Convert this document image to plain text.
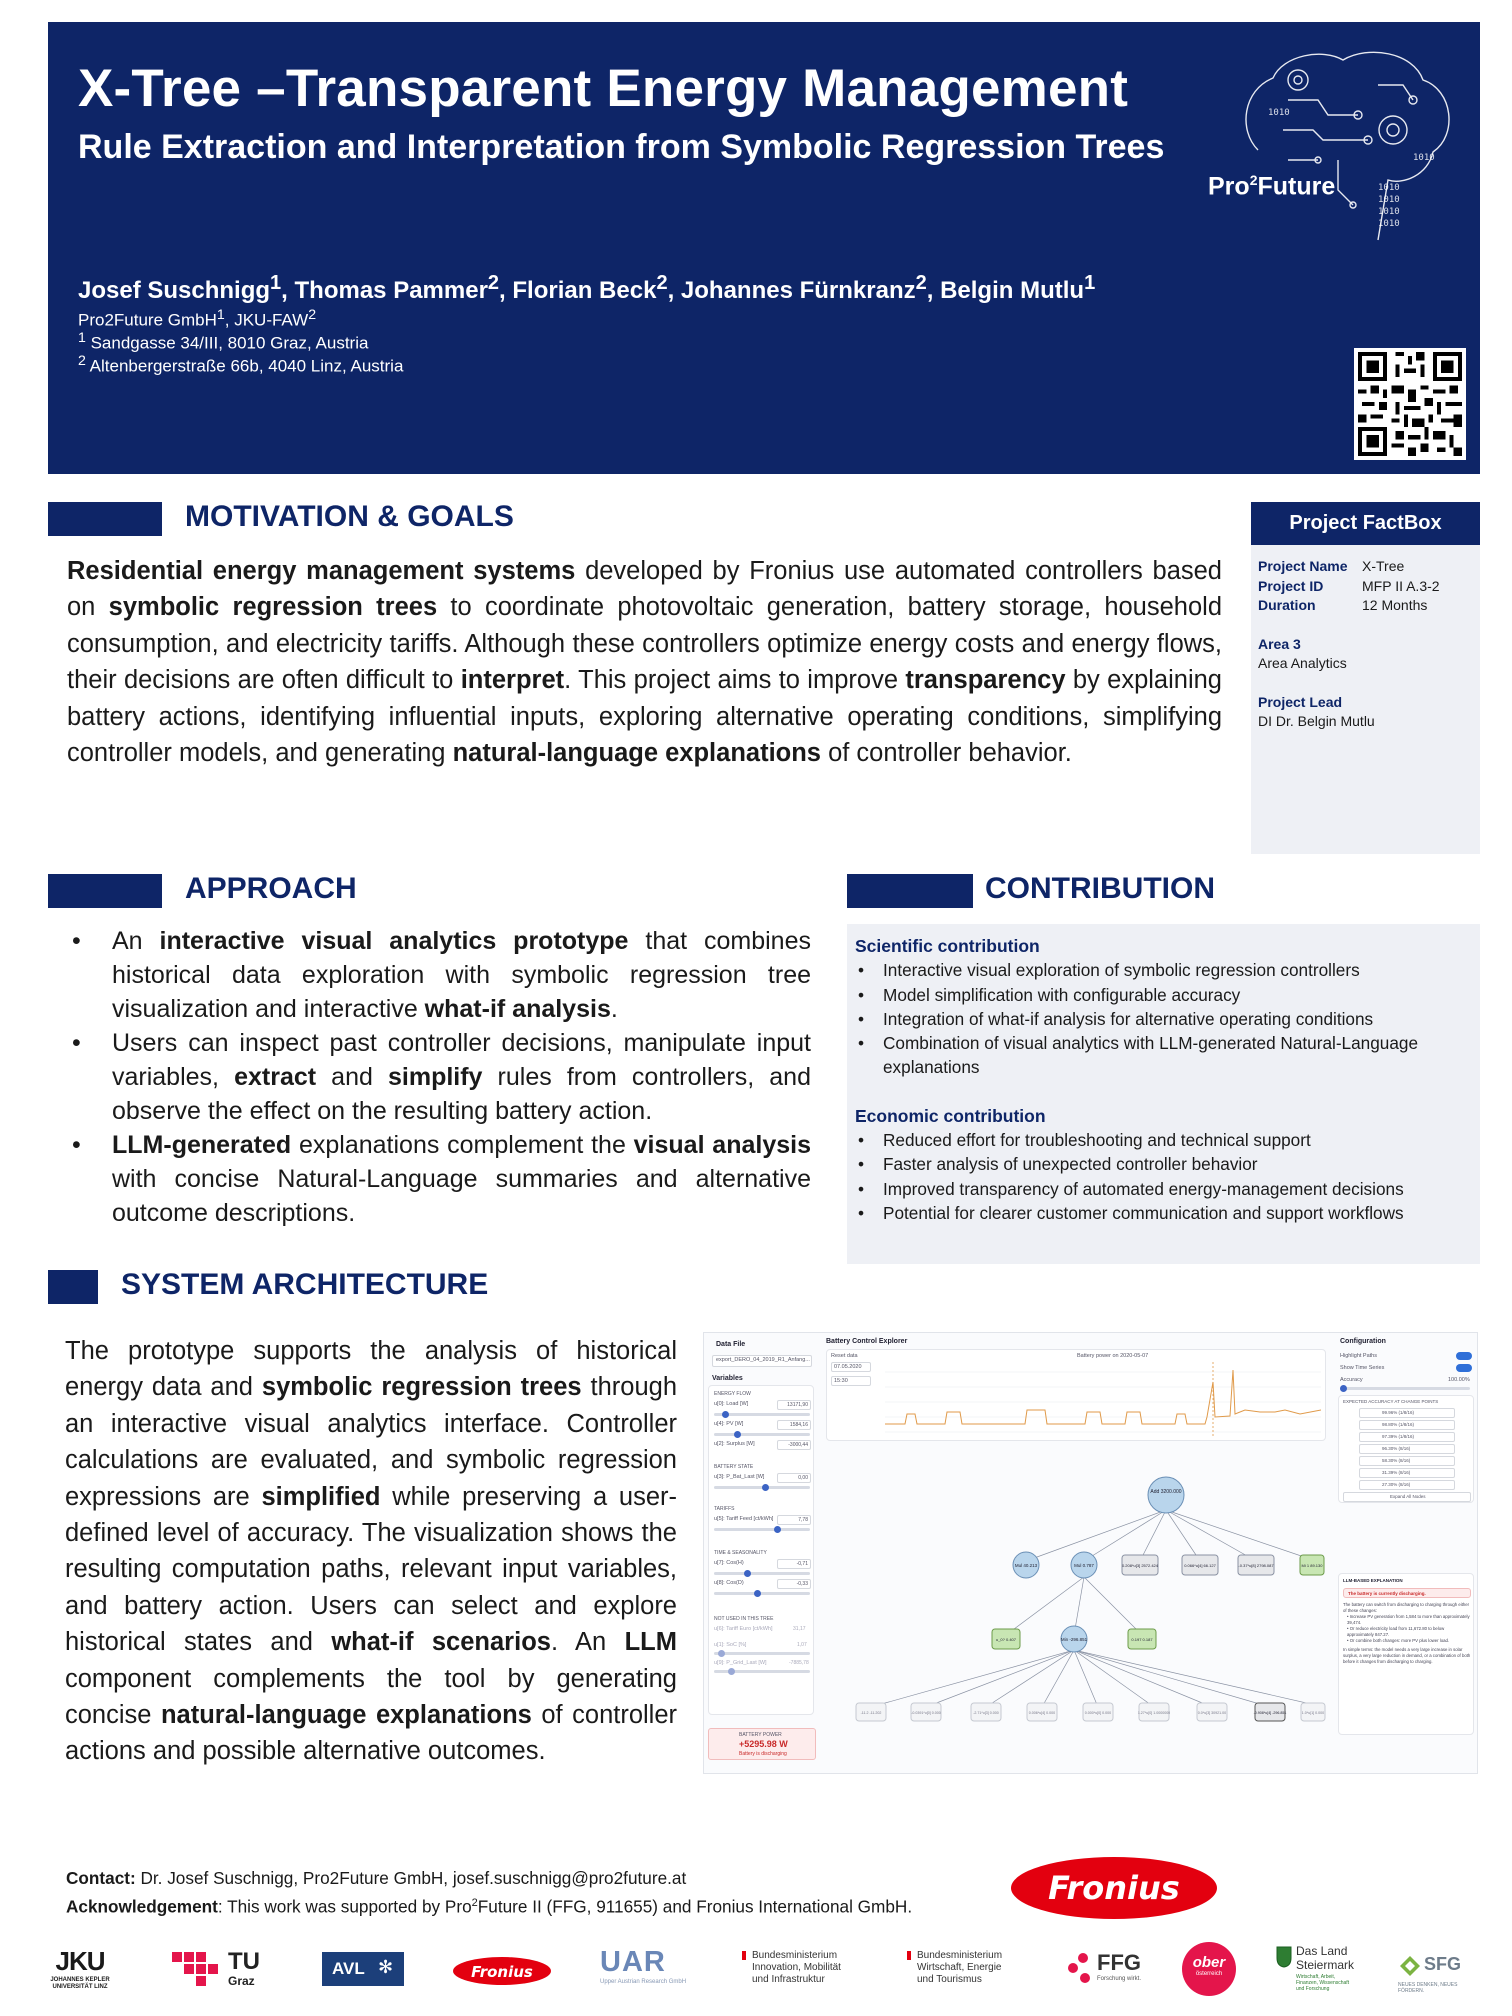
X-Tree –Transparent Energy Management
Rule Extraction and Interpretation from Symbolic Regression Trees
Josef Suschnigg$^1$, Thomas Pammer$^2$, Florian Beck$^2$, Johannes Fürnkranz$^2$, Belgin Mutlu$^1$
Pro2Future GmbH$^1$, JKU-FAW$^2$
$^1$ Sandgasse 34/III, 8010 Graz, Austria
$^2$ Altenbergerstraße 66b, 4040 Linz, Austria
1010
1010
1010
1010
1010
1010
Pro$^2$Future
MOTIVATION & GOALS

Residential energy management systems developed by Fronius use automated controllers based on symbolic regression trees to coordinate photovoltaic generation, battery storage, household consumption, and electricity tariffs. Although these controllers optimize energy costs and energy flows, their decisions are often difficult to interpret. This project aims to improve transparency by explaining battery actions, identifying influential inputs, exploring alternative operating conditions, simplifying controller models, and generating natural-language explanations of controller behavior.

Project FactBox
Project Name	X-Tree
Project ID	MFP II A.3-2
Duration	12 Months
Area 3
Area Analytics
Project Lead
DI Dr. Belgin Mutlu
APPROACH
• An interactive visual analytics prototype that combines historical data exploration with symbolic regression tree visualization and interactive what-if analysis.
• Users can inspect past controller decisions, manipulate input variables, extract and simplify rules from controllers, and observe the effect on the resulting battery action.
• LLM-generated explanations complement the visual analysis with concise Natural-Language summaries and alternative outcome descriptions.
CONTRIBUTION
Scientific contribution
• Interactive visual exploration of symbolic regression controllers
• Model simplification with configurable accuracy
• Integration of what-if analysis for alternative operating conditions
• Combination of visual analytics with LLM-generated Natural-Language explanations
Economic contribution
• Reduced effort for troubleshooting and technical support
• Faster analysis of unexpected controller behavior
• Improved transparency of automated energy-management decisions
• Potential for clearer customer communication and support workflows
SYSTEM ARCHITECTURE

The prototype supports the analysis of historical energy data and symbolic regression trees through an interactive visual analytics interface. Controller calculations are evaluated, and symbolic regression expressions are simplified while preserving a user-defined level of accuracy. The visualization shows the resulting computation paths, relevant input variables, and battery action. Users can select and explore historical states and what-if scenarios. An LLM component complements the tool by generating concise natural-language explanations of controller actions and possible alternative outcomes.

Data File
export_DERO_04_2019_R1_Anfang...
Variables
ENERGY FLOW
u[0]: Load [W]	13171,90
u[4]: PV [W]	1584,16
u[2]: Surplus [W]	-3000,44
BATTERY STATE
u[3]: P_Bat_Last [W]	0,00
TARIFFS
u[5]: Tariff Feed [ct/kWh]	7,78
TIME & SEASONALITY
u[7]: Cos(H)	-0,71
u[8]: Cos(D)	-0,33
NOT USED IN THIS TREE
u[6]: Tariff Euro [ct/kWh]	31,17
u[1]: SoC [%]	1,07
u[9]: P_Grid_Last [W]	-7885,78
BATTERY POWER
+5295.98 W
Battery is discharging
Battery Control Explorer
Reset data
07.05.2020
15:30
Battery power on 2020-05-07
Add 3200.000
Mul 40.213	Mul 0.787	0.208*u[3] 2572.424	0.066*u[4] 66.127	-0.37*u[8] 2798.087	Mi 1 89.130
u_0? 0.407	Min -296.851	0.197 0.187
-11.2 -11.202	-0.0391*u[0] 0.000	-2.71*u[3] 0.000	0.006*u[4] 0.000	0.000*u[0] 0.000	1.27*u[0] 1.0000000	0.0*u[3] 30921.00	-0.908*u[4] -296.851	1.0*u[1] 0.000
Configuration
Highlight Paths
Show Time Series
Accuracy	100.00%
EXPECTED ACCURACY AT CHANGE POINTS
99.96% (1/8/16)
98.80% (1/8/16)
97.39% (1/8/16)
96.30% (8/16)
58.30% (8/16)
31.39% (8/16)
27.30% (8/16)
Expand All Nodes
LLM-BASED EXPLANATION
The battery is currently discharging.
The battery can switch from discharging to charging through either of these changes:
• Increase PV generation from 1,584 to more than approximately 39,474.
• Or reduce electricity load from 11,672.80 to below approximately 847.27.
• Or combine both changes: more PV plus lower load.
In simple terms: the model needs a very large increase in solar surplus, a very large reduction in demand, or a combination of both before it changes from discharging to charging.
Contact: Dr. Josef Suschnigg, Pro2Future GmbH, josef.suschnigg@pro2future.at
Acknowledgement: This work was supported by Pro$^2$Future II (FFG, 911655) and Fronius International GmbH.	Fronius
JKU
JOHANNES KEPLER UNIVERSITÄT LINZ
TU
Graz
AVL ✻	Fronius UAR
Upper Austrian Research GmbH
Bundesministerium
Innovation, Mobilität
und Infrastruktur
Bundesministerium
Wirtschaft, Energie
und Tourismus
FFG
Forschung wirkt.
ober
österreich
Das Land
Steiermark
Wirtschaft, Arbeit, Finanzen, Wissenschaft und Forschung
SFG
NEUES DENKEN, NEUES FÖRDERN.
